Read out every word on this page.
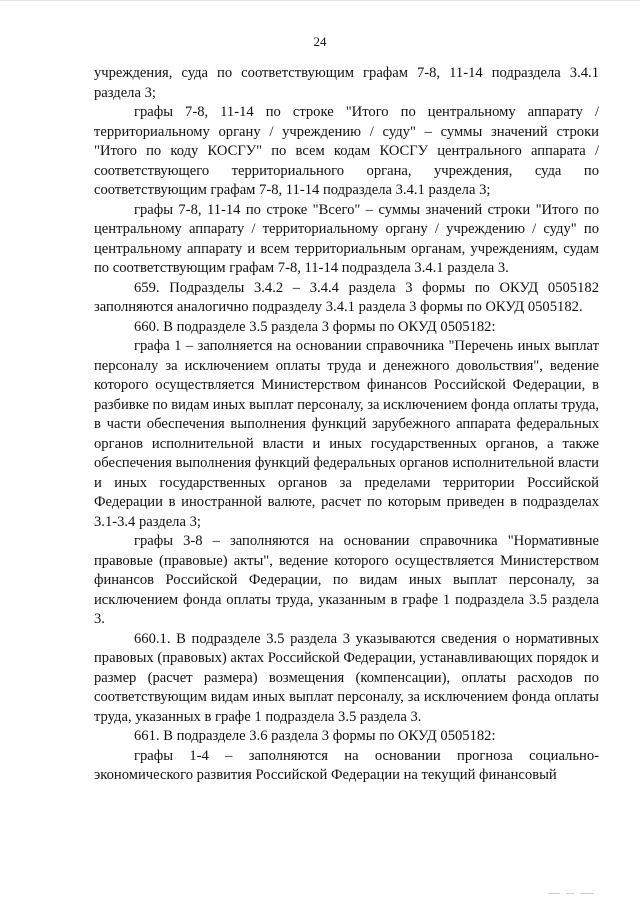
24

учреждения, суда по соответствующим графам 7-8, 11-14 подраздела 3.4.1 раздела 3;

графы 7-8, 11-14 по строке "Итого по центральному аппарату / территориальному органу / учреждению / суду" – суммы значений строки "Итого по коду КОСГУ" по всем кодам КОСГУ центрального аппарата / соответствующего территориального органа, учреждения, суда по соответствующим графам 7-8, 11-14 подраздела 3.4.1 раздела 3;

графы 7-8, 11-14 по строке "Всего" – суммы значений строки "Итого по центральному аппарату / территориальному органу / учреждению / суду" по центральному аппарату и всем территориальным органам, учреждениям, судам по соответствующим графам 7-8, 11-14 подраздела 3.4.1 раздела 3.

659. Подразделы 3.4.2 – 3.4.4 раздела 3 формы по ОКУД 0505182 заполняются аналогично подразделу 3.4.1 раздела 3 формы по ОКУД 0505182.

660. В подразделе 3.5 раздела 3 формы по ОКУД 0505182:

графа 1 – заполняется на основании справочника "Перечень иных выплат персоналу за исключением оплаты труда и денежного довольствия", ведение которого осуществляется Министерством финансов Российской Федерации, в разбивке по видам иных выплат персоналу, за исключением фонда оплаты труда, в части обеспечения выполнения функций зарубежного аппарата федеральных органов исполнительной власти и иных государственных органов, а также обеспечения выполнения функций федеральных органов исполнительной власти и иных государственных органов за пределами территории Российской Федерации в иностранной валюте, расчет по которым приведен в подразделах 3.1-3.4 раздела 3;

графы 3-8 – заполняются на основании справочника "Нормативные правовые (правовые) акты", ведение которого осуществляется Министерством финансов Российской Федерации, по видам иных выплат персоналу, за исключением фонда оплаты труда, указанным в графе 1 подраздела 3.5 раздела 3.

660.1. В подразделе 3.5 раздела 3 указываются сведения о нормативных правовых (правовых) актах Российской Федерации, устанавливающих порядок и размер (расчет размера) возмещения (компенсации), оплаты расходов по соответствующим видам иных выплат персоналу, за исключением фонда оплаты труда, указанных в графе 1 подраздела 3.5 раздела 3.

661. В подразделе 3.6 раздела 3 формы по ОКУД 0505182:

графы 1-4 – заполняются на основании прогноза социально-экономического развития Российской Федерации на текущий финансовый
